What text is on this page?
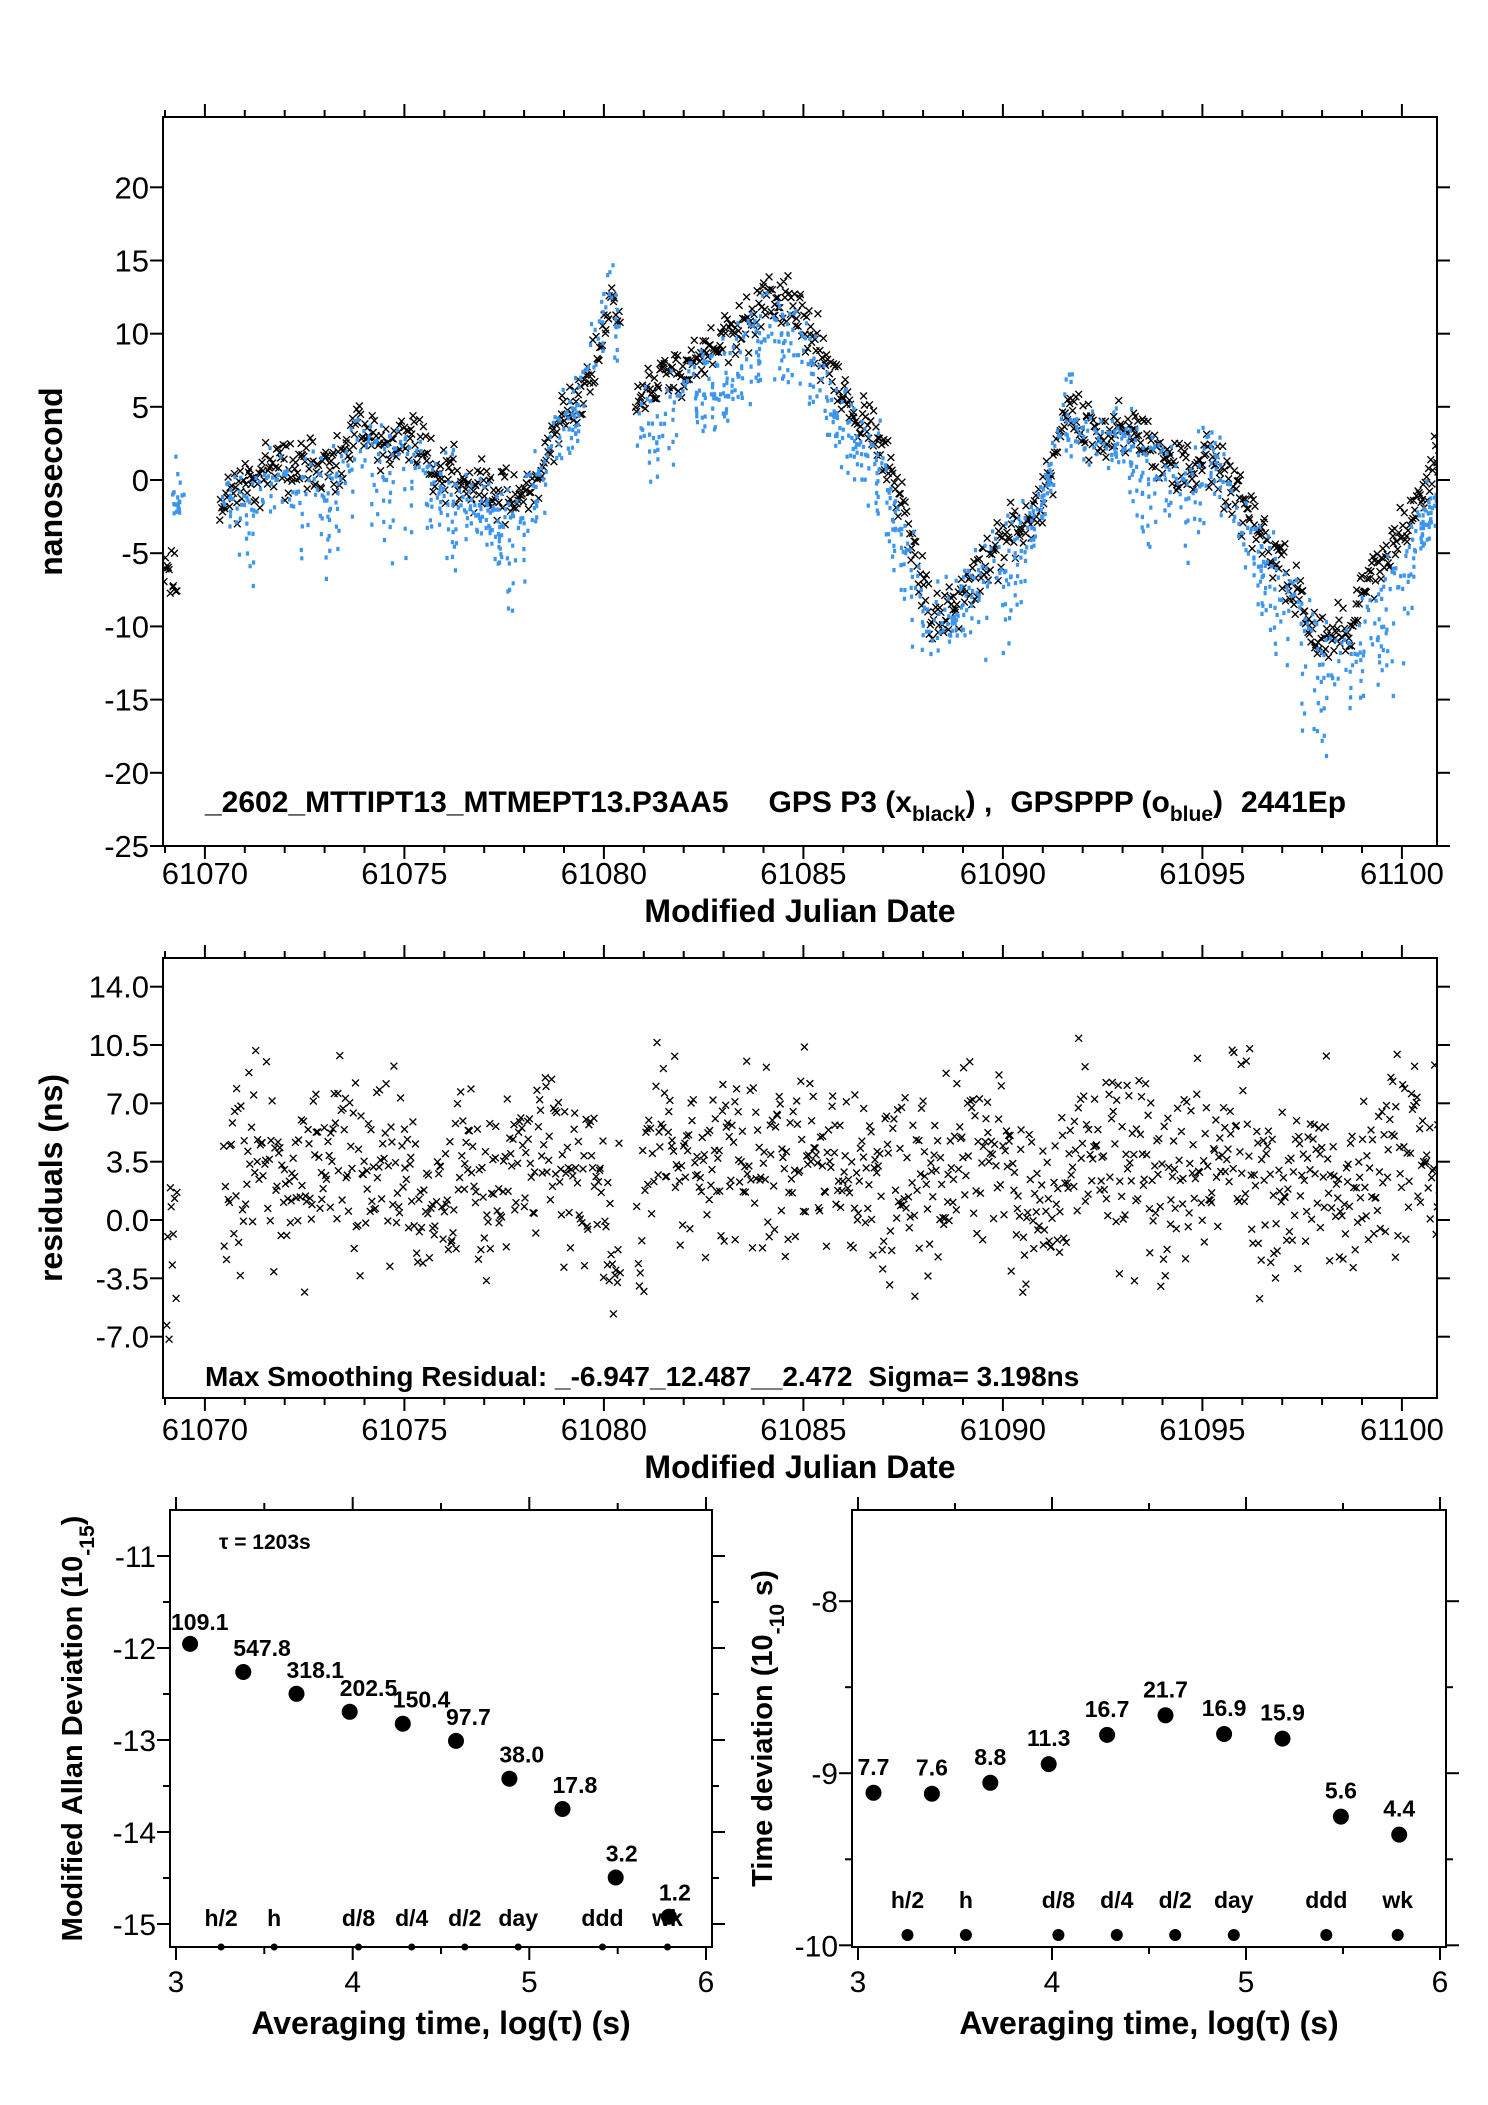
_2602_MTTIPT13_MTMEPT13.P3AA5 GPS P3 $(x_{black})$ , GPSPPP $(o_{blue})$ 2441Ep
61070	61075	61080	61085	61090	61095	61100
20
15
10
5
0
-5
-10
-15
-20
-25
Modified Julian Date
nanosecond
Max Smoothing Residual: _-6.947_12.487__2.472 Sigma= 3.198ns
61070	61075	61080	61085	61090	61095	61100
14.0
10.5
7.0
3.5
0.0
-3.5
-7.0
Modified Julian Date
residuals (ns)
3	4	5	6
-11
-12
-13
-14
-15
Averaging time, log(τ) (s)
Modified Allan Deviation $(10_{-15})$
τ = 1203s
109.1
547.8
318.1
202.5
150.4
97.7
38.0
17.8
3.2
1.2
h/2 h	d/8 d/4 d/2 day ddd wk
3	4	5	6
-8
-9
-10
Averaging time, log(τ) (s)
Time deviation ($10_{-10}$ s)
7.7 7.6 8.8
11.3
16.7
21.7
16.9 15.9
5.6
4.4
h/2 h	d/8 d/4 d/2 day ddd wk
